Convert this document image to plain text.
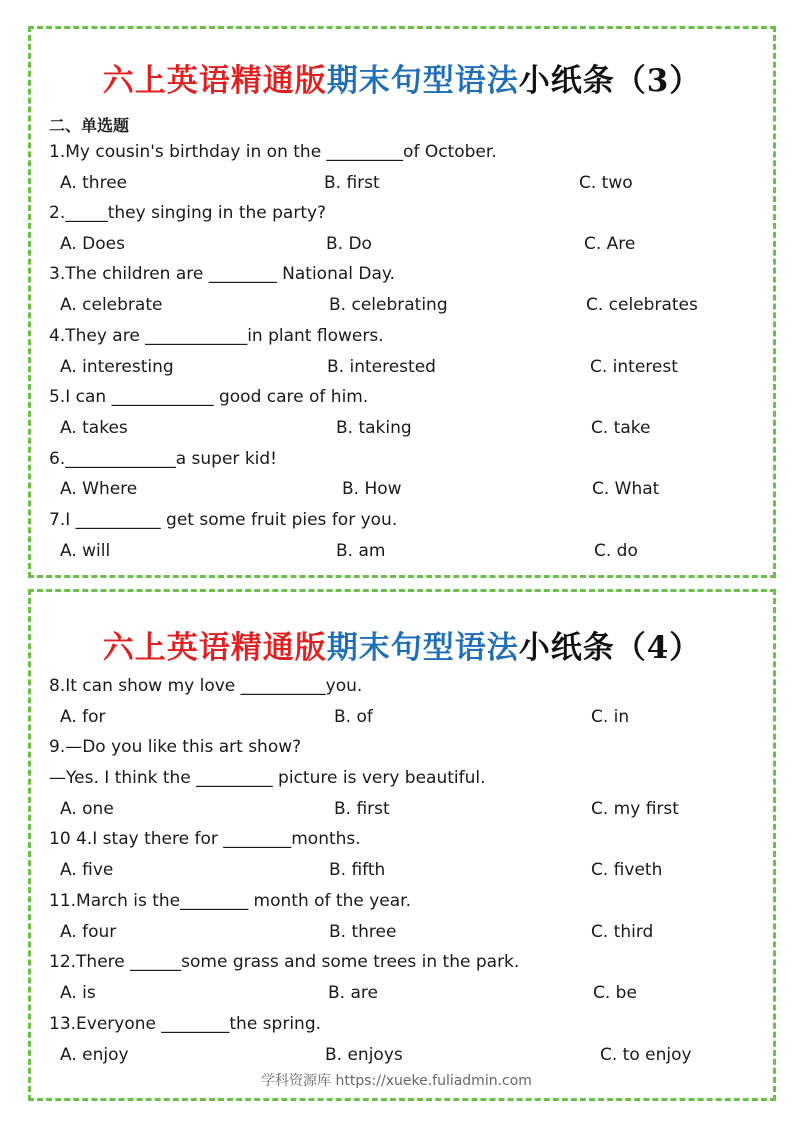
六上英语精通版期末句型语法小纸条（3）
二、单选题
1.My cousin's birthday in on the _________of October.
A. three	B. first	C. two
2._____they singing in the party?
A. Does	B. Do	C. Are
3.The children are ________ National Day.
A. celebrate	B. celebrating	C. celebrates
4.They are ____________in plant flowers.
A. interesting	B. interested	C. interest
5.I can ____________ good care of him.
A. takes	B. taking	C. take
6._____________a super kid!
A. Where	B. How	C. What
7.I __________ get some fruit pies for you.
A. will	B. am	C. do
六上英语精通版期末句型语法小纸条（4）
8.It can show my love __________you.
A. for	B. of	C. in
9.—Do you like this art show?
—Yes. I think the _________ picture is very beautiful.
A. one	B. first	C. my first
10 4.I stay there for ________months.
A. five	B. fifth	C. fiveth
11.March is the________ month of the year.
A. four	B. three	C. third
12.There ______some grass and some trees in the park.
A. is	B. are	C. be
13.Everyone ________the spring.
A. enjoy	B. enjoys	C. to enjoy
学科资源库 https://xueke.fuliadmin.com
